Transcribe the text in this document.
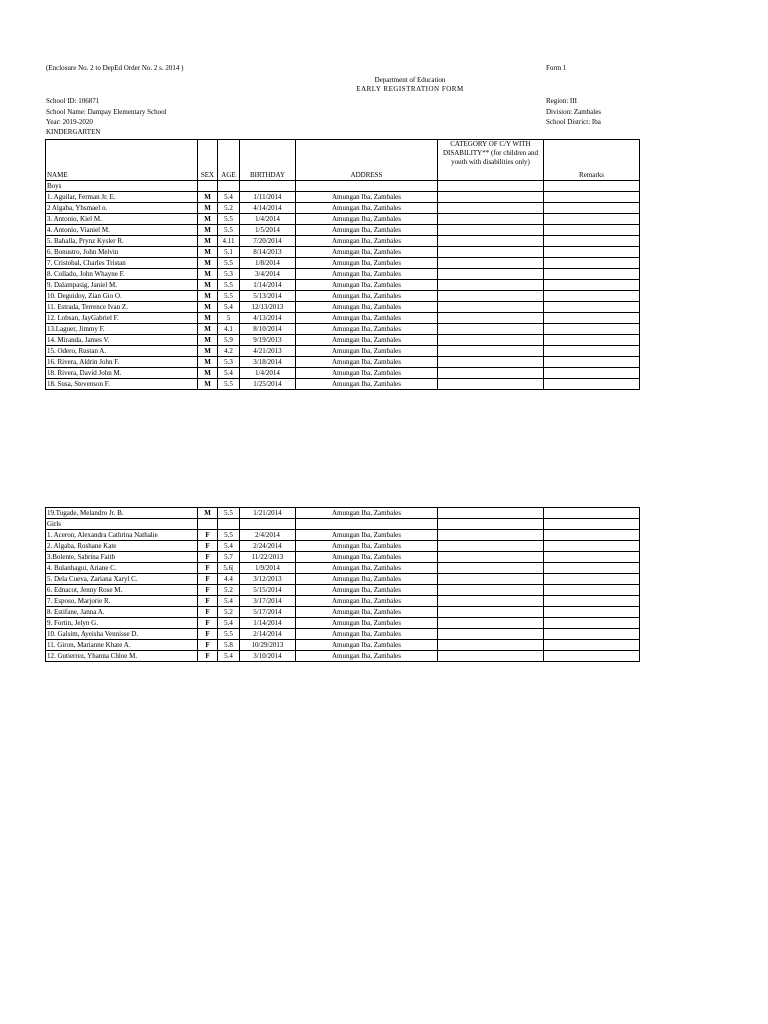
(Enclosure No. 2 to DepEd Order No. 2 s. 2014 )	Form 1
Department of Education
EARLY REGISTRATION FORM
School ID: 106871
School Name: Dampay Elementary School
Year: 2019-2020
KINDERGARTEN
Region: III
Division: Zambales
School District: Iba
NAME	SEX	AGE	BIRTHDAY	ADDRESS	CATEGORY OF C/Y WITH DISABILITY** (for children and youth with disabilities only)	Remarks
Boys						
1. Aguilar, Ferman Jr. E.	M	5.4	1/11/2014	Amungan Iba, Zambales		
2 Algaba, Yhsmael o.	M	5.2	4/14/2014	Amungan Iba, Zambales		
3. Antonio, Kiel M.	M	5.5	1/4/2014	Amungan Iba, Zambales		
4. Antonio, Vianiel M.	M	5.5	1/5/2014	Amungan Iba, Zambales		
5. Bahalla, Prynz Kysler R.	M	4.11	7/20/2014	Amungan Iba, Zambales		
6. Bonustro, John Melvin	M	5.1	8/14/2013	Amungan Iba, Zambales		
7. Cristobal, Charles Tristan	M	5.5	1/8/2014	Amungan Iba, Zambales		
8. Collado, John Whayne F.	M	5.3	3/4/2014	Amungan Iba, Zambales		
9. Dalampasig, Janiel M.	M	5.5	1/14/2014	Amungan Iba, Zambales		
10. Deguidoy, Zian Gio O.	M	5.5	5/13/2014	Amungan Iba, Zambales		
11. Estrada, Terrence Ivan Z.	M	5.4	12/13/2013	Amungan Iba, Zambales		
12. Lobsan, JayGabriel F.	M	5	4/13/2014	Amungan Iba, Zambales		
13.Laguer, Jimmy F.	M	4.1	8/10/2014	Amungan Iba, Zambales		
14. Miranda, James V.	M	5.9	9/19/2013	Amungan Iba, Zambales		
15. Odero, Rustan A.	M	4.2	4/21/2013	Amungan Iba, Zambales		
16. Rivera, Aldrin John F.	M	5.3	3/18/2014	Amungan Iba, Zambales		
18. Rivera, David John M.	M	5.4	1/4/2014	Amungan Iba, Zambales		
18. Susa, Stevenson F.	M	5.5	1/25/2014	Amungan Iba, Zambales		
19.Tugade, Melandro Jr. B.	M	5.5	1/21/2014	Amungan Iba, Zambales		
Girls						
1. Aceron, Alexandra Cathrina Nathalie	F	5.5	2/4/2014	Amungan Iba, Zambales		
2. Algaba, Roshane Kate	F	5.4	2/24/2014	Amungan Iba, Zambales		
3.Bolente, Sabrina Faith	F	5.7	11/22/2013	Amungan Iba, Zambales		
4. Bulanhagui, Ariane C.	F	5.6|	1/9/2014	Amungan Iba, Zambales		
5. Dela Cueva, Zariana Xaryl C.	F	4.4	3/12/2013	Amungan Iba, Zambales		
6. Ednacot, Jenny Rose M.	F	5.2	5/15/2014	Amungan Iba, Zambales		
7. Esposo, Marjorie R.	F	5.4	3/17/2014	Amungan Iba, Zambales		
8. Estifane, Janna A.	F	5.2	5/17/2014	Amungan Iba, Zambales		
9. Fortin, Jelyn G.	F	5.4	1/14/2014	Amungan Iba, Zambales		
10. Galsim, Ayeisha Vennisse D.	F	5.5	2/14/2014	Amungan Iba, Zambales		
11. Giron, Marianne Khate A.	F	5.8	10/29/2013	Amungan Iba, Zambales		
12. Gutierrez, Yhanna Chloe M.	F	5.4	3/10/2014	Amungan Iba, Zambales		
